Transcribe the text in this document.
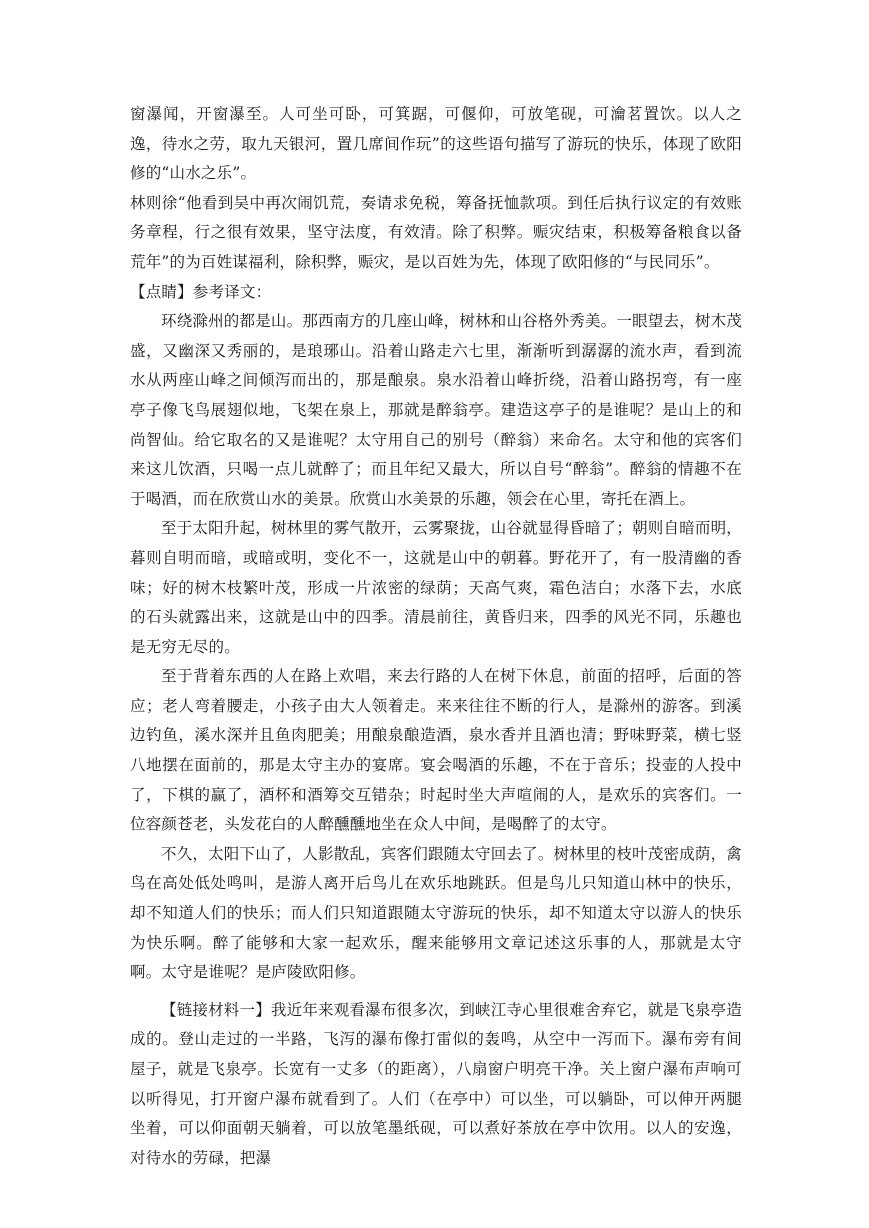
窗瀑闻，开窗瀑至。人可坐可卧，可箕踞，可偃仰，可放笔砚，可瀹茗置饮。以人之逸，待水之劳，取九天银河，置几席间作玩”的这些语句描写了游玩的快乐，体现了欧阳修的“山水之乐”。

林则徐“他看到吴中再次闹饥荒，奏请求免税，筹备抚恤款项。到任后执行议定的有效账务章程，行之很有效果，坚守法度，有效清。除了积弊。赈灾结束，积极筹备粮食以备荒年”的为百姓谋福利，除积弊，赈灾，是以百姓为先，体现了欧阳修的“与民同乐”。

【点睛】参考译文：

环绕滁州的都是山。那西南方的几座山峰，树林和山谷格外秀美。一眼望去，树木茂盛，又幽深又秀丽的，是琅琊山。沿着山路走六七里，渐渐听到潺潺的流水声，看到流水从两座山峰之间倾泻而出的，那是酿泉。泉水沿着山峰折绕，沿着山路拐弯，有一座亭子像飞鸟展翅似地，飞架在泉上，那就是醉翁亭。建造这亭子的是谁呢？是山上的和尚智仙。给它取名的又是谁呢？太守用自己的别号（醉翁）来命名。太守和他的宾客们来这儿饮酒，只喝一点儿就醉了；而且年纪又最大，所以自号“醉翁”。醉翁的情趣不在于喝酒，而在欣赏山水的美景。欣赏山水美景的乐趣，领会在心里，寄托在酒上。

至于太阳升起，树林里的雾气散开，云雾聚拢，山谷就显得昏暗了；朝则自暗而明，暮则自明而暗，或暗或明，变化不一，这就是山中的朝暮。野花开了，有一股清幽的香味；好的树木枝繁叶茂，形成一片浓密的绿荫；天高气爽，霜色洁白；水落下去，水底的石头就露出来，这就是山中的四季。清晨前往，黄昏归来，四季的风光不同，乐趣也是无穷无尽的。

至于背着东西的人在路上欢唱，来去行路的人在树下休息，前面的招呼，后面的答应；老人弯着腰走，小孩子由大人领着走。来来往往不断的行人，是滁州的游客。到溪边钓鱼，溪水深并且鱼肉肥美；用酿泉酿造酒，泉水香并且酒也清；野味野菜，横七竖八地摆在面前的，那是太守主办的宴席。宴会喝酒的乐趣，不在于音乐；投壶的人投中了，下棋的赢了，酒杯和酒筹交互错杂；时起时坐大声喧闹的人，是欢乐的宾客们。一位容颜苍老，头发花白的人醉醺醺地坐在众人中间，是喝醉了的太守。

不久，太阳下山了，人影散乱，宾客们跟随太守回去了。树林里的枝叶茂密成荫，禽鸟在高处低处鸣叫，是游人离开后鸟儿在欢乐地跳跃。但是鸟儿只知道山林中的快乐，却不知道人们的快乐；而人们只知道跟随太守游玩的快乐，却不知道太守以游人的快乐为快乐啊。醉了能够和大家一起欢乐，醒来能够用文章记述这乐事的人，那就是太守啊。太守是谁呢？是庐陵欧阳修。

【链接材料一】我近年来观看瀑布很多次，到峡江寺心里很难舍弃它，就是飞泉亭造成的。登山走过的一半路，飞泻的瀑布像打雷似的轰鸣，从空中一泻而下。瀑布旁有间屋子，就是飞泉亭。长宽有一丈多（的距离），八扇窗户明亮干净。关上窗户瀑布声响可以听得见，打开窗户瀑布就看到了。人们（在亭中）可以坐，可以躺卧，可以伸开两腿坐着，可以仰面朝天躺着，可以放笔墨纸砚，可以煮好茶放在亭中饮用。以人的安逸，对待水的劳碌，把瀑
